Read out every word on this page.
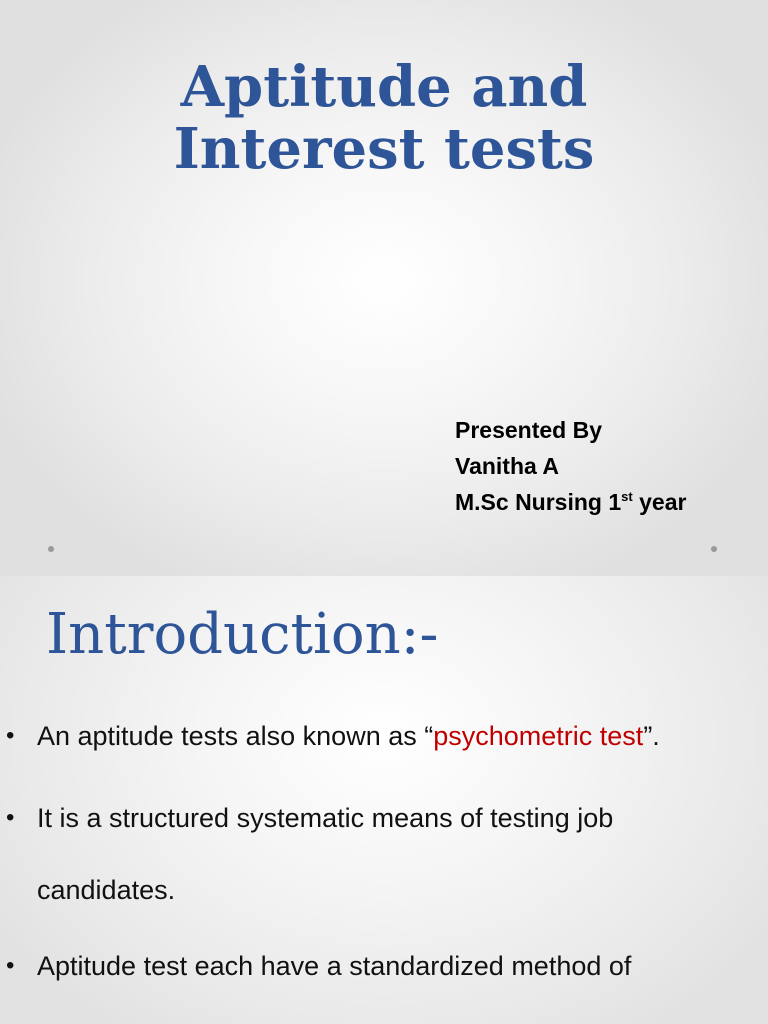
Aptitude and
Interest tests
Presented By
Vanitha A
M.Sc Nursing 1st year
Introduction:-
• An aptitude tests also known as “psychometric test”.
• It is a structured systematic means of testing job candidates.
• Aptitude test each have a standardized method of
